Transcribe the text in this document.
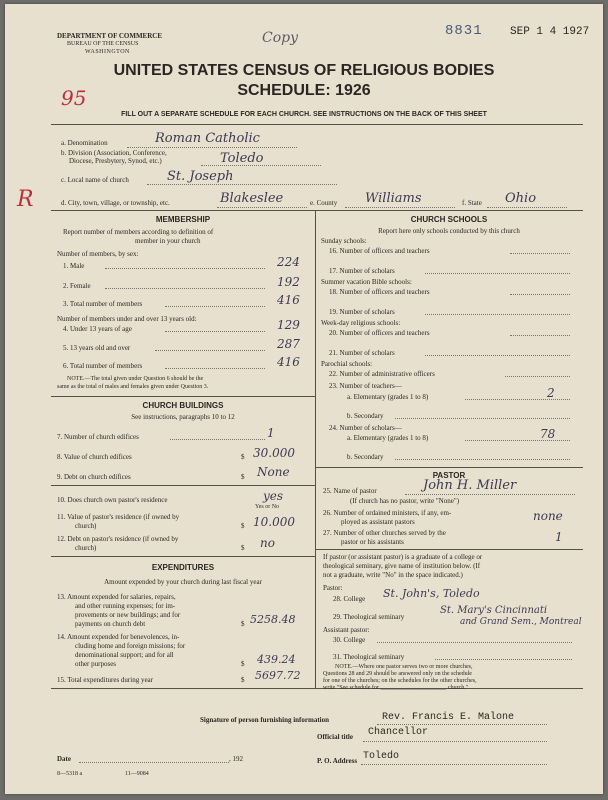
DEPARTMENT OF COMMERCE
BUREAU OF THE CENSUS
WASHINGTON
Copy	8831 SEP 1 4 1927
UNITED STATES CENSUS OF RELIGIOUS BODIES
SCHEDULE: 1926
95
FILL OUT A SEPARATE SCHEDULE FOR EACH CHURCH. SEE INSTRUCTIONS ON THE BACK OF THIS SHEET
a. Denomination	Roman Catholic
b. Division (Association, Conference,
Diocese, Presbytery, Synod, etc.)	Toledo
c. Local name of church	St. Joseph
R	d. City, town, village, or township, etc.	Blakeslee	e. County Williams	f. State Ohio
MEMBERSHIP
Report number of members according to definition of
member in your church
Number of members, by sex:
1. Male	224
2. Female	192
3. Total number of members	416
Number of members under and over 13 years old:
4. Under 13 years of age	129
5. 13 years old and over	287
6. Total number of members	416
NOTE.—The total given under Question 6 should be the
same as the total of males and females given under Question 3.
CHURCH BUILDINGS
See instructions, paragraphs 10 to 12
7. Number of church edifices	1
8. Value of church edifices	$ 30.000
9. Debt on church edifices	$ None
10. Does church own pastor's residence	yes
Yes or No
11. Value of pastor's residence (if owned by
church)	$ 10.000
12. Debt on pastor's residence (if owned by
church)	$ no
EXPENDITURES
Amount expended by your church during last fiscal year
13. Amount expended for salaries, repairs,
and other running expenses; for im-
provements or new buildings; and for
payments on church debt	$ 5258.48
14. Amount expended for benevolences, in-
cluding home and foreign missions; for
denominational support; and for all
other purposes	$ 439.24
15. Total expenditures during year	$ 5697.72
CHURCH SCHOOLS
Report here only schools conducted by this church
Sunday schools:
16. Number of officers and teachers
17. Number of scholars
Summer vacation Bible schools:
18. Number of officers and teachers
19. Number of scholars
Week-day religious schools:
20. Number of officers and teachers
21. Number of scholars
Parochial schools:
22. Number of administrative officers
23. Number of teachers—
a. Elementary (grades 1 to 8)	2
b. Secondary
24. Number of scholars—
a. Elementary (grades 1 to 8)	78
b. Secondary
PASTOR
25. Name of pastor	John H. Miller
(If church has no pastor, write "None")
26. Number of ordained ministers, if any, em-
ployed as assistant pastors	none
27. Number of other churches served by the
pastor or his assistants	1
If pastor (or assistant pastor) is a graduate of a college or
theological seminary, give name of institution below. (If
not a graduate, write "No" in the space indicated.)
Pastor:
28. College St. John's, Toledo
29. Theological seminary
St. Mary's Cincinnati
and Grand Sem., Montreal
Assistant pastor:
30. College
31. Theological seminary
NOTE.—Where one pastor serves two or more churches,
Questions 28 and 29 should be answered only on the schedule
for one of the churches; on the schedules for the other churches,
write "See schedule for ______________________ church."
Signature of person furnishing information	Rev. Francis E. Malone
Official title Chancellor
Date	, 192	P. O. Address Toledo
8—5318 a	11—9084
